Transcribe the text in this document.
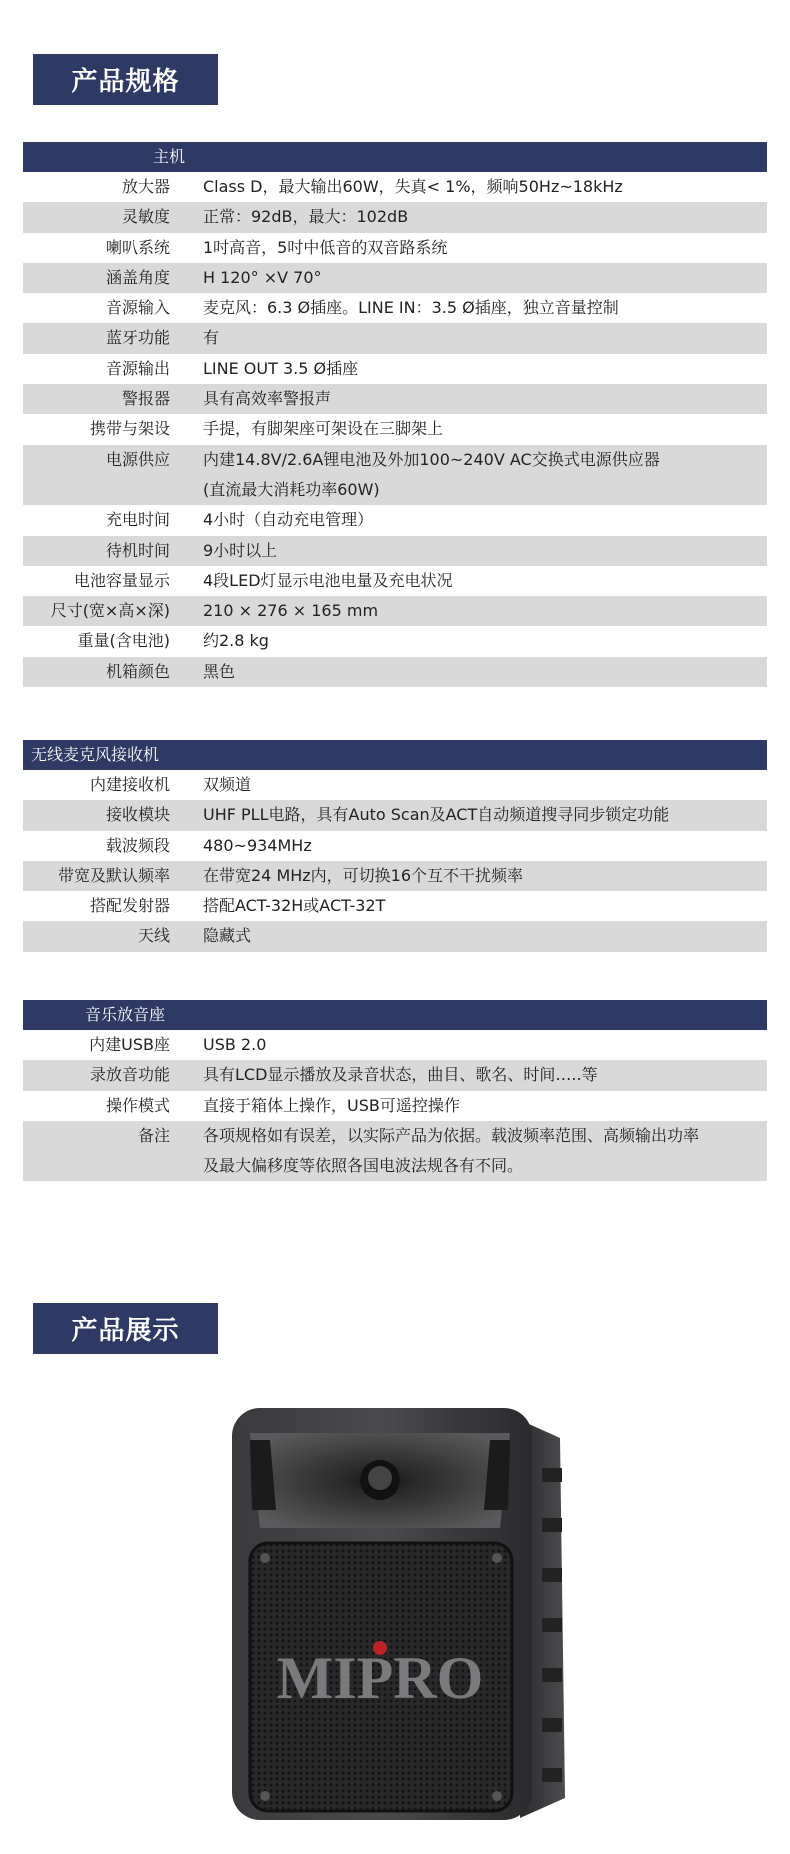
产品规格
主机
放大器	Class D，最大输出60W，失真< 1%，频响50Hz~18kHz
灵敏度	正常：92dB，最大：102dB
喇叭系统	1吋高音，5吋中低音的双音路系统
涵盖角度	H 120° ×V 70°
音源输入	麦克风：6.3 Ø插座。LINE IN：3.5 Ø插座，独立音量控制
蓝牙功能	有
音源输出	LINE OUT 3.5 Ø插座
警报器	具有高效率警报声
携带与架设	手提，有脚架座可架设在三脚架上
电源供应	内建14.8V/2.6A锂电池及外加100~240V AC交换式电源供应器
(直流最大消耗功率60W)
充电时间	4小时（自动充电管理）
待机时间	9小时以上
电池容量显示	4段LED灯显示电池电量及充电状况
尺寸(宽×高×深)	210 × 276 × 165 mm
重量(含电池)	约2.8 kg
机箱颜色	黑色
无线麦克风接收机
内建接收机	双频道
接收模块	UHF PLL电路，具有Auto Scan及ACT自动频道搜寻同步锁定功能
载波频段	480~934MHz
带宽及默认频率	在带宽24 MHz内，可切换16个互不干扰频率
搭配发射器	搭配ACT-32H或ACT-32T
天线	隐藏式
音乐放音座
内建USB座	USB 2.0
录放音功能	具有LCD显示播放及录音状态，曲目、歌名、时间…..等
操作模式	直接于箱体上操作，USB可遥控操作
备注	各项规格如有误差，以实际产品为依据。载波频率范围、高频输出功率
及最大偏移度等依照各国电波法规各有不同。
产品展示
MIPRO
